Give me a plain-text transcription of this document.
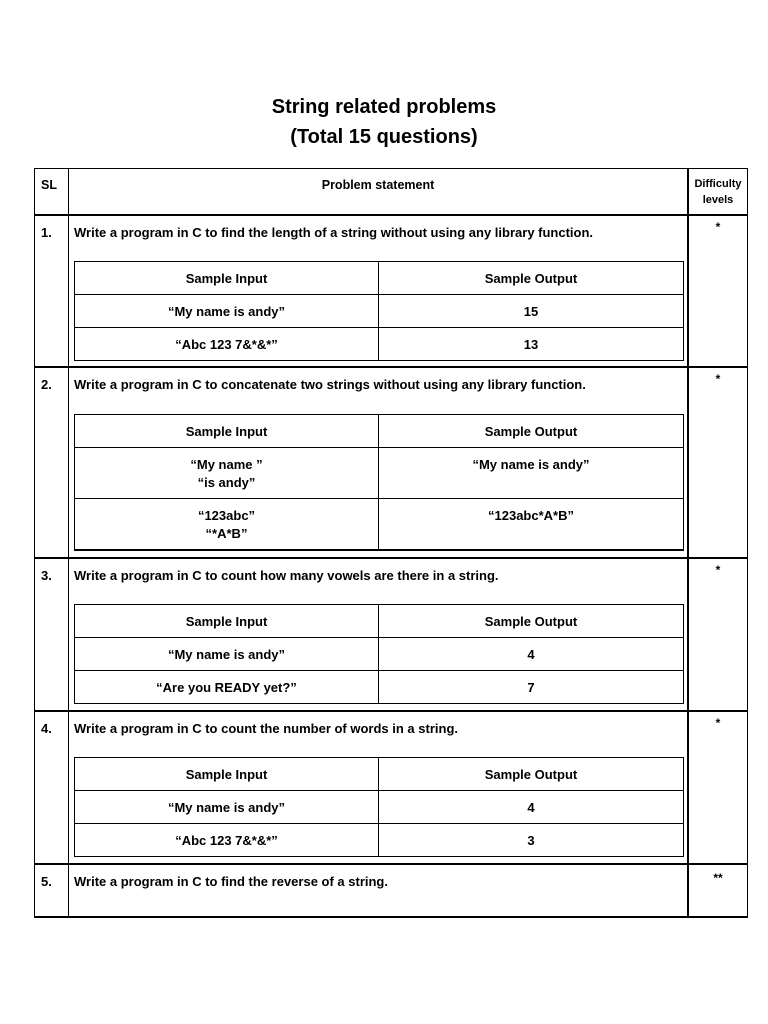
String related problems
(Total 15 questions)
SL	Problem statement	Difficulty
levels
1. Write a program in C to find the length of a string without using any library function.	*
Sample Input	Sample Output
“My name is andy”	15
“Abc 123 7&*&*”	13
2. Write a program in C to concatenate two strings without using any library function.	*
Sample Input	Sample Output

“My name ”
“is andy”	“My name is andy”

“123abc”
“*A*B”	“123abc*A*B”
3. Write a program in C to count how many vowels are there in a string.	*
Sample Input	Sample Output
“My name is andy”	4
“Are you READY yet?”	7
4. Write a program in C to count the number of words in a string.	*
Sample Input	Sample Output
“My name is andy”	4
“Abc 123 7&*&*”	3
5. Write a program in C to find the reverse of a string.	**
